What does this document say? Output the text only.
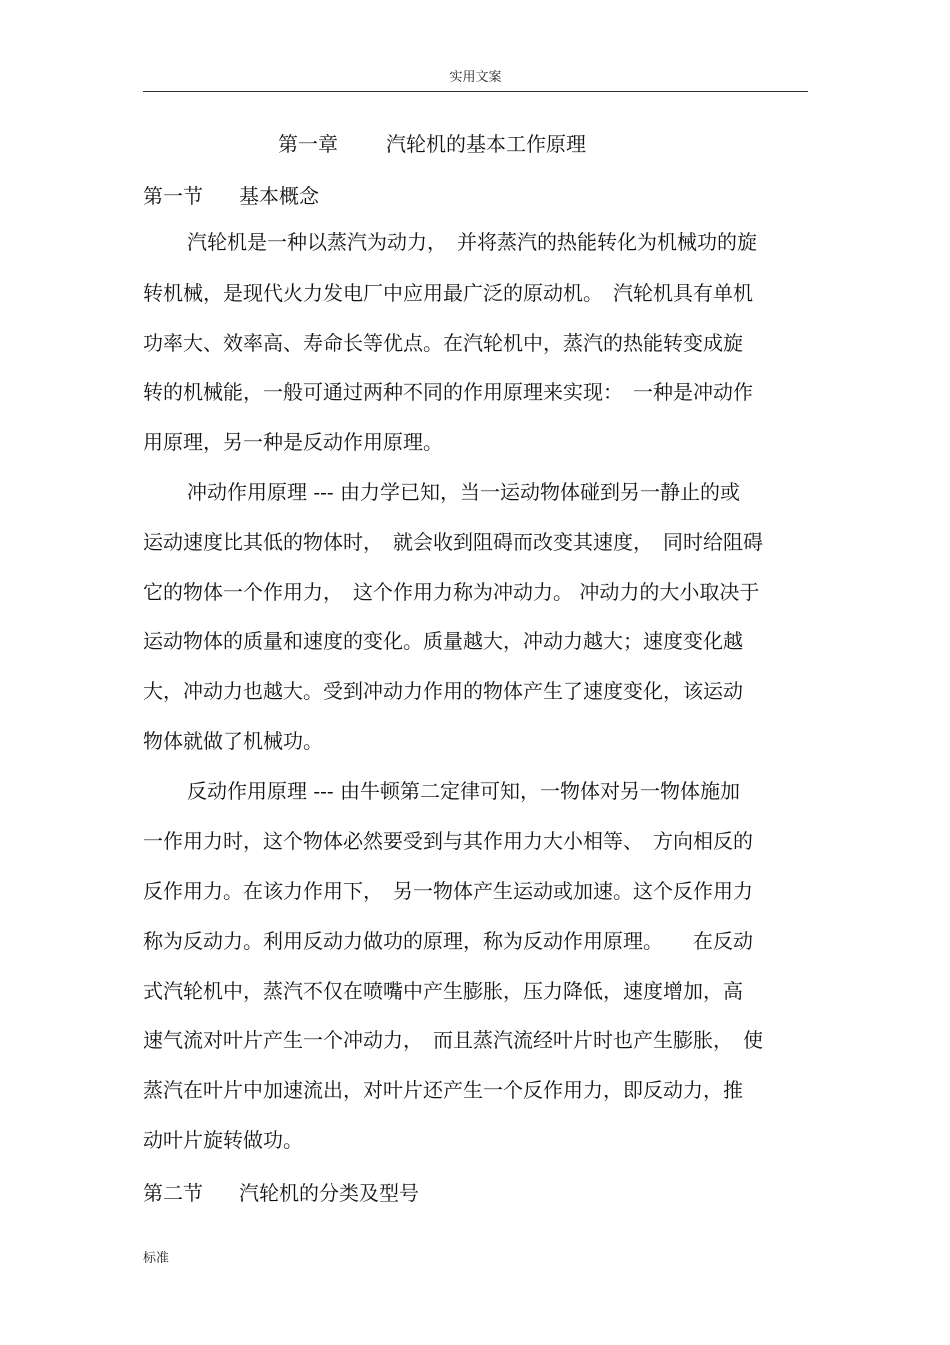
实用文案
第一章 汽轮机的基本工作原理
第一节 基本概念
汽轮机是一种以蒸汽为动力，　并将蒸汽的热能转化为机械功的旋
转机械，是现代火力发电厂中应用最广泛的原动机。　汽轮机具有单机
功率大、效率高、寿命长等优点。在汽轮机中，蒸汽的热能转变成旋
转的机械能，一般可通过两种不同的作用原理来实现：　一种是冲动作
用原理，另一种是反动作用原理。
冲动作用原理 --- 由力学已知，当一运动物体碰到另一静止的或
运动速度比其低的物体时，　就会收到阻碍而改变其速度，　同时给阻碍
它的物体一个作用力，　这个作用力称为冲动力。 冲动力的大小取决于
运动物体的质量和速度的变化。质量越大，冲动力越大；速度变化越
大，冲动力也越大。受到冲动力作用的物体产生了速度变化，该运动
物体就做了机械功。
反动作用原理 --- 由牛顿第二定律可知，一物体对另一物体施加
一作用力时，这个物体必然要受到与其作用力大小相等、　方向相反的
反作用力。在该力作用下，　另一物体产生运动或加速。这个反作用力
称为反动力。利用反动力做功的原理，称为反动作用原理。　　在反动
式汽轮机中，蒸汽不仅在喷嘴中产生膨胀，压力降低，速度增加，高
速气流对叶片产生一个冲动力，　而且蒸汽流经叶片时也产生膨胀，　使
蒸汽在叶片中加速流出，对叶片还产生一个反作用力，即反动力，推
动叶片旋转做功。
第二节 汽轮机的分类及型号
标准
